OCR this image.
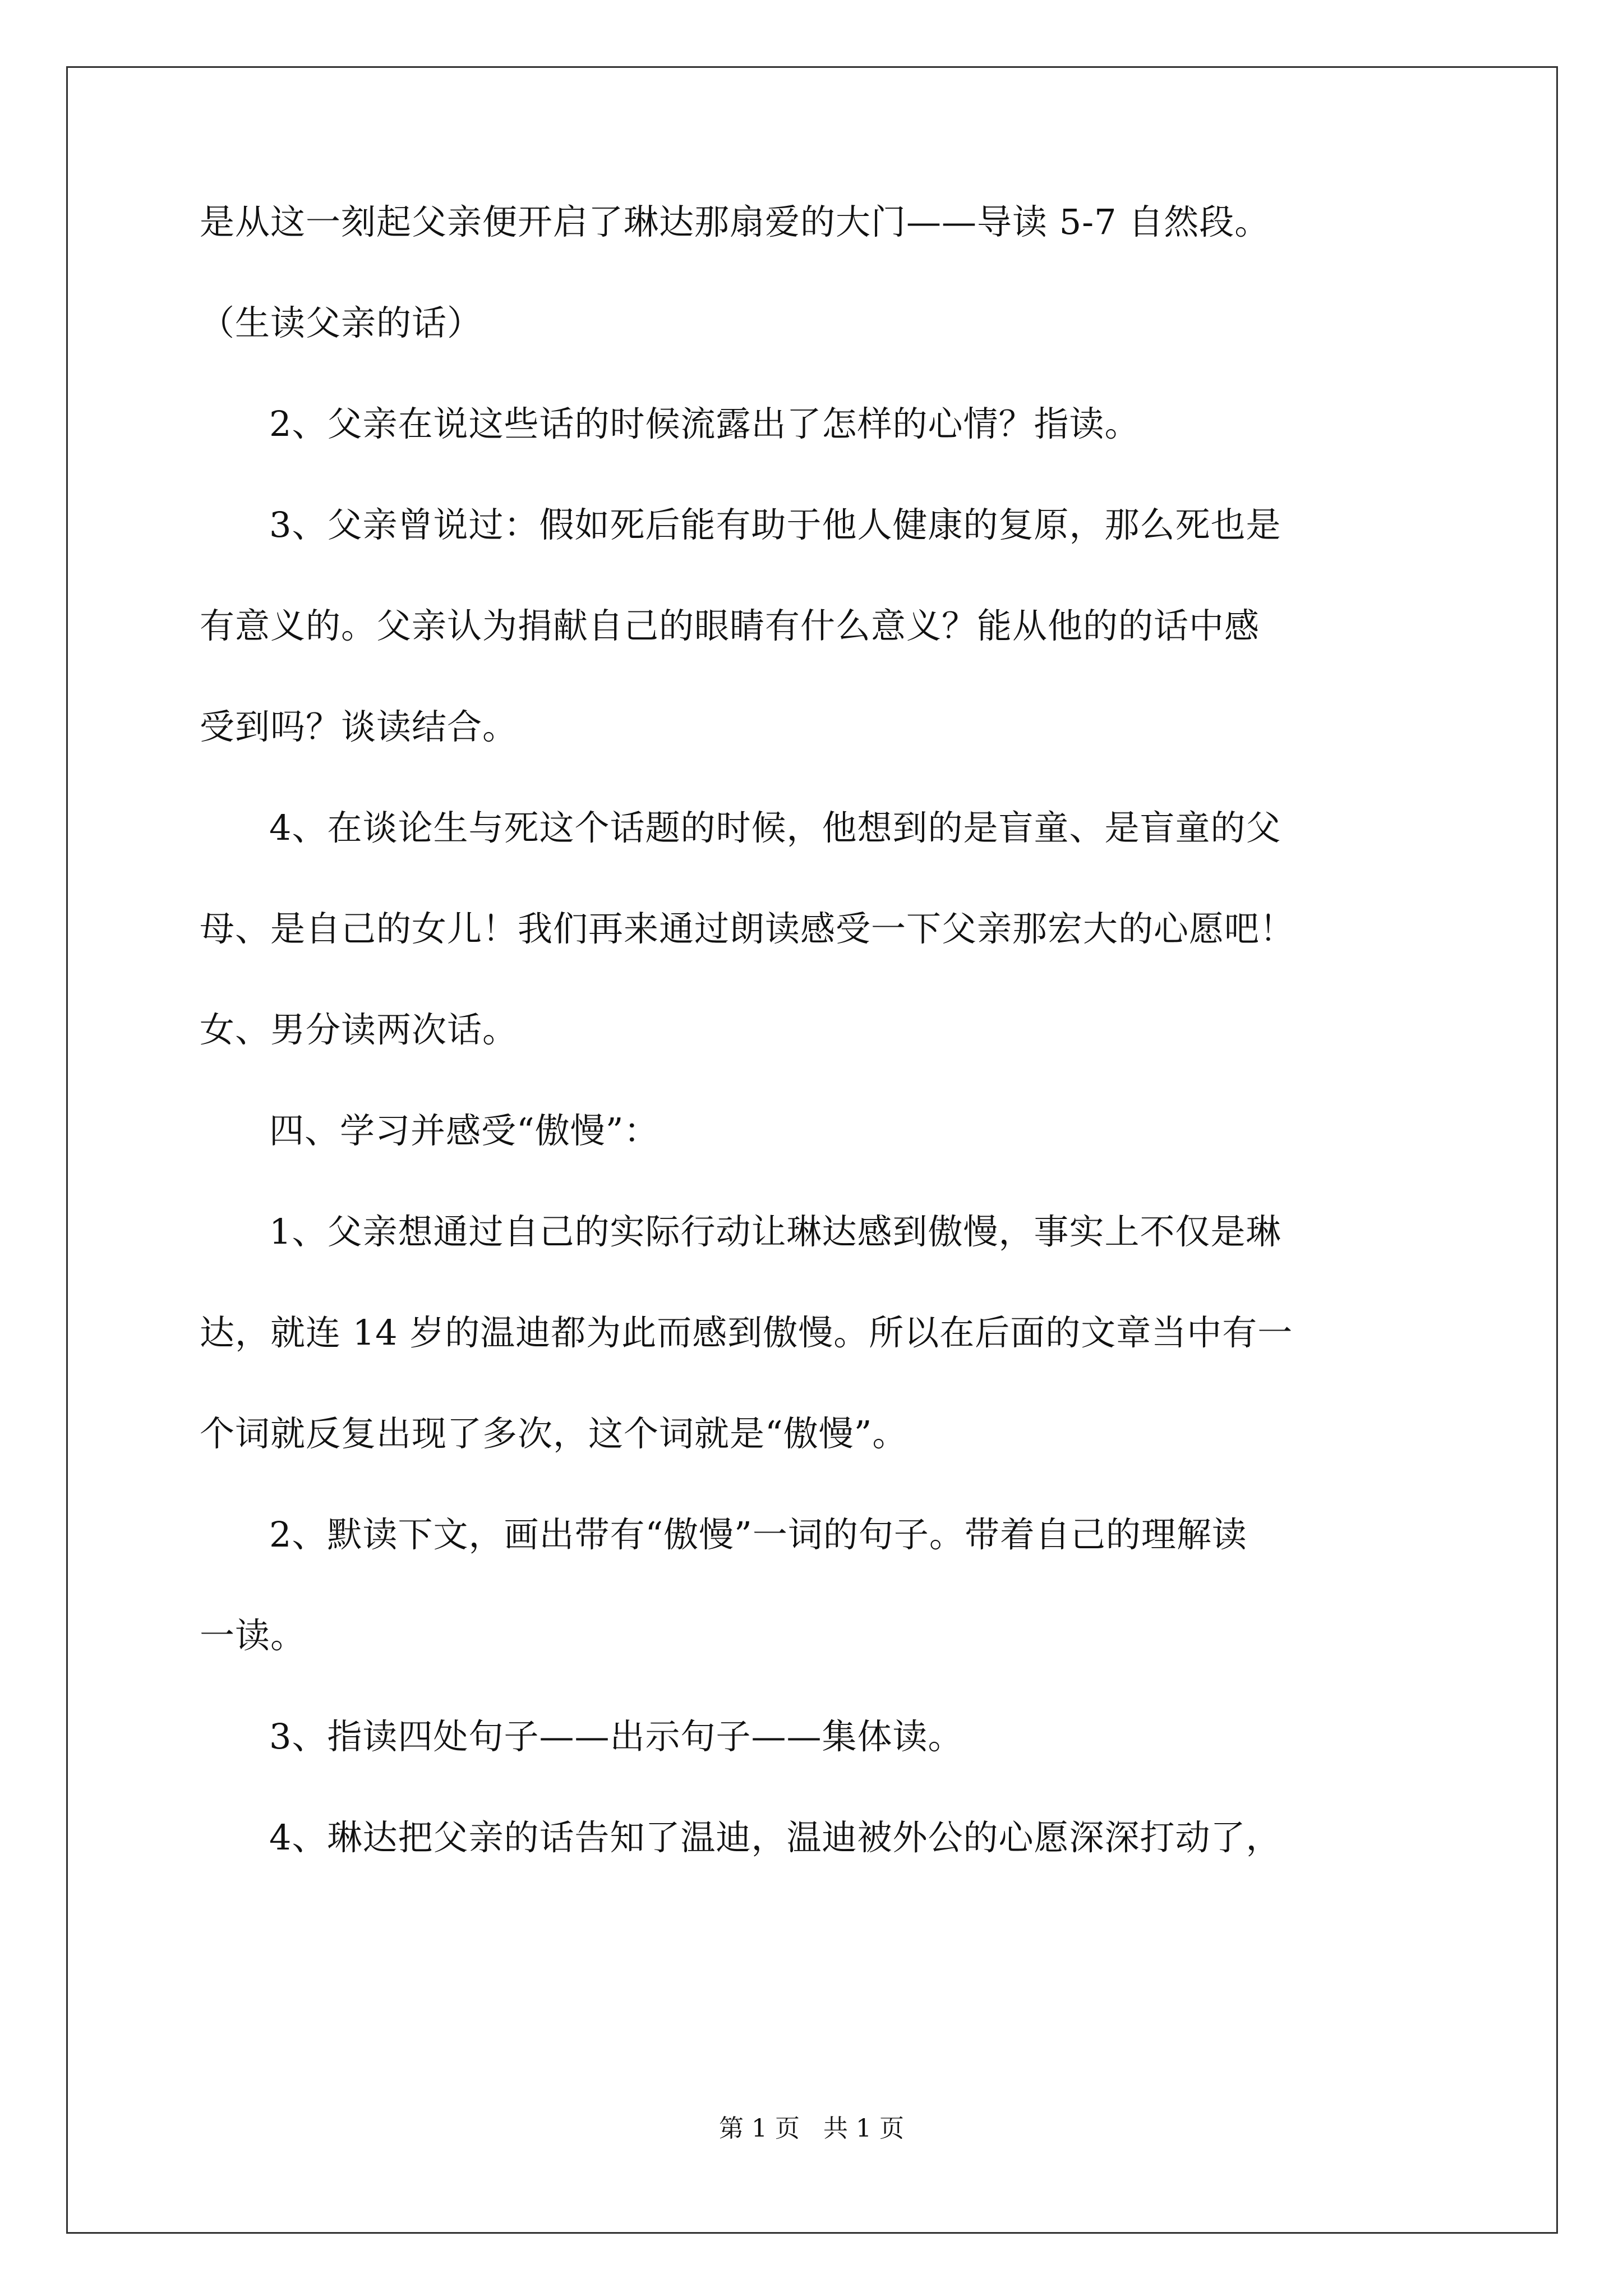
是从这一刻起父亲便开启了琳达那扇爱的大门——导读 5-7 自然段。
（生读父亲的话）
2、父亲在说这些话的时候流露出了怎样的心情？指读。
3、父亲曾说过：假如死后能有助于他人健康的复原，那么死也是
有意义的。父亲认为捐献自己的眼睛有什么意义？能从他的的话中感
受到吗？谈读结合。
4、在谈论生与死这个话题的时候，他想到的是盲童、是盲童的父
母、是自己的女儿！我们再来通过朗读感受一下父亲那宏大的心愿吧！
女、男分读两次话。
四、学习并感受“傲慢”：
1、父亲想通过自己的实际行动让琳达感到傲慢，事实上不仅是琳
达，就连 14 岁的温迪都为此而感到傲慢。所以在后面的文章当中有一
个词就反复出现了多次，这个词就是“傲慢”。
2、默读下文，画出带有“傲慢”一词的句子。带着自己的理解读
一读。
3、指读四处句子——出示句子——集体读。
4、琳达把父亲的话告知了温迪，温迪被外公的心愿深深打动了，
第 1 页   共 1 页
